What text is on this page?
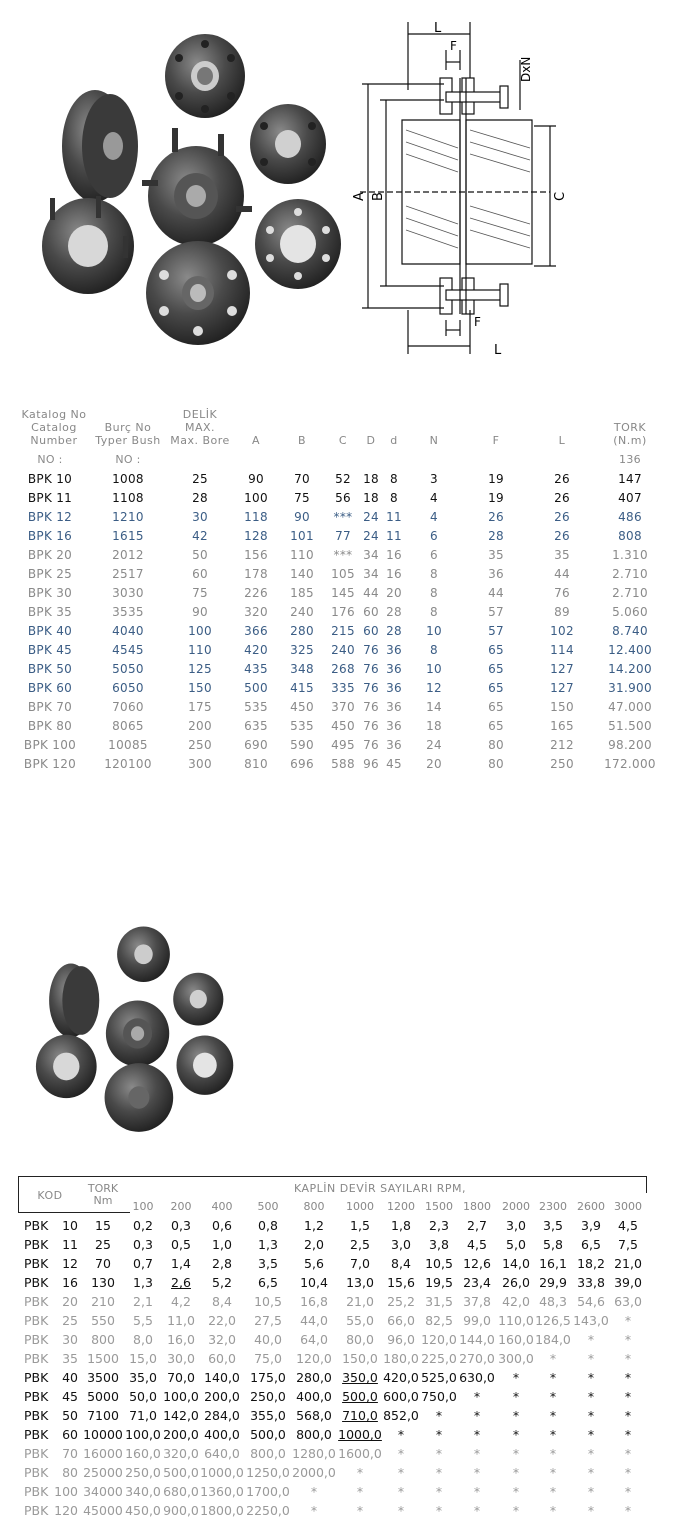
L
F
DxN
A B	C
F
L
Katalog No
Catalog
Number
Burç No
Typer Bush
DELİK
MAX.
Max. Bore	A	B	C	D	d	N	F	L
TORK
(N.m)
NO :	NO :	136
BPK 10	1008	25	90	70	52	18 8	3	19	26	147
BPK 11	1108	28	100	75	56	18 8	4	19	26	407
BPK 12	1210	30	118	90	*** 24 11	4	26	26	486
BPK 16	1615	42	128	101	77	24 11	6	28	26	808
BPK 20	2012	50	156	110	*** 34 16	6	35	35	1.310
BPK 25	2517	60	178	140	105 34 16	8	36	44	2.710
BPK 30	3030	75	226	185	145 44 20	8	44	76	2.710
BPK 35	3535	90	320	240	176 60 28	8	57	89	5.060
BPK 40	4040	100	366	280	215 60 28	10	57	102	8.740
BPK 45	4545	110	420	325	240 76 36	8	65	114	12.400
BPK 50	5050	125	435	348	268 76 36	10	65	127	14.200
BPK 60	6050	150	500	415	335 76 36	12	65	127	31.900
BPK 70	7060	175	535	450	370 76 36	14	65	150	47.000
BPK 80	8065	200	635	535	450 76 36	18	65	165	51.500
BPK 100	10085	250	690	590	495 76 36	24	80	212	98.200
BPK 120	120100	300	810	696	588 96 45	20	80	250	172.000
KOD
TORK
Nm
KAPLİN DEVİR SAYILARI RPM,
100	200	400	500	800	1000	1200 1500 1800	2000 2300 2600 3000
PBK	10	15	0,2	0,3	0,6	0,8	1,2	1,5	1,8	2,3	2,7	3,0	3,5	3,9	4,5
PBK	11	25	0,3	0,5	1,0	1,3	2,0	2,5	3,0	3,8	4,5	5,0	5,8	6,5	7,5
PBK	12	70	0,7	1,4	2,8	3,5	5,6	7,0	8,4	10,5 12,6 14,0 16,1 18,2 21,0
PBK	16	130	1,3	2,6	5,2	6,5	10,4	13,0	15,6 19,5 23,4 26,0 29,9 33,8 39,0
PBK	20	210	2,1	4,2	8,4	10,5	16,8	21,0	25,2 31,5 37,8 42,0 48,3 54,6 63,0
PBK	25	550	5,5	11,0	22,0	27,5	44,0	55,0	66,0 82,5 99,0 110,0 126,5 143,0	*
PBK	30	800	8,0	16,0	32,0	40,0	64,0	80,0	96,0 120,0 144,0 160,0 184,0	*	*
PBK	35 1500 15,0 30,0	60,0	75,0	120,0 150,0 180,0 225,0 270,0 300,0	*	*	*
PBK	40 3500 35,0 70,0 140,0 175,0 280,0 350,0 420,0 525,0 630,0	*	*	*	*
PBK	45 5000 50,0 100,0 200,0 250,0 400,0 500,0 600,0 750,0	*	*	*	*	*
PBK	50 7100 71,0 142,0 284,0 355,0 568,0 710,0 852,0	*	*	*	*	*	*
PBK	60 10000 100,0 200,0 400,0 500,0 800,0 1000,0	*	*	*	*	*	*	*
PBK	70 16000 160,0 320,0 640,0 800,0 1280,0 1600,0	*	*	*	*	*	*	*
PBK	80 25000 250,0 500,0 1000,0 1250,0 2000,0	*	*	*	*	*	*	*	*
PBK 100 34000 340,0 680,0 1360,0 1700,0	*	*	*	*	*	*	*	*	*
PBK 120 45000 450,0 900,0 1800,0 2250,0	*	*	*	*	*	*	*	*	*
